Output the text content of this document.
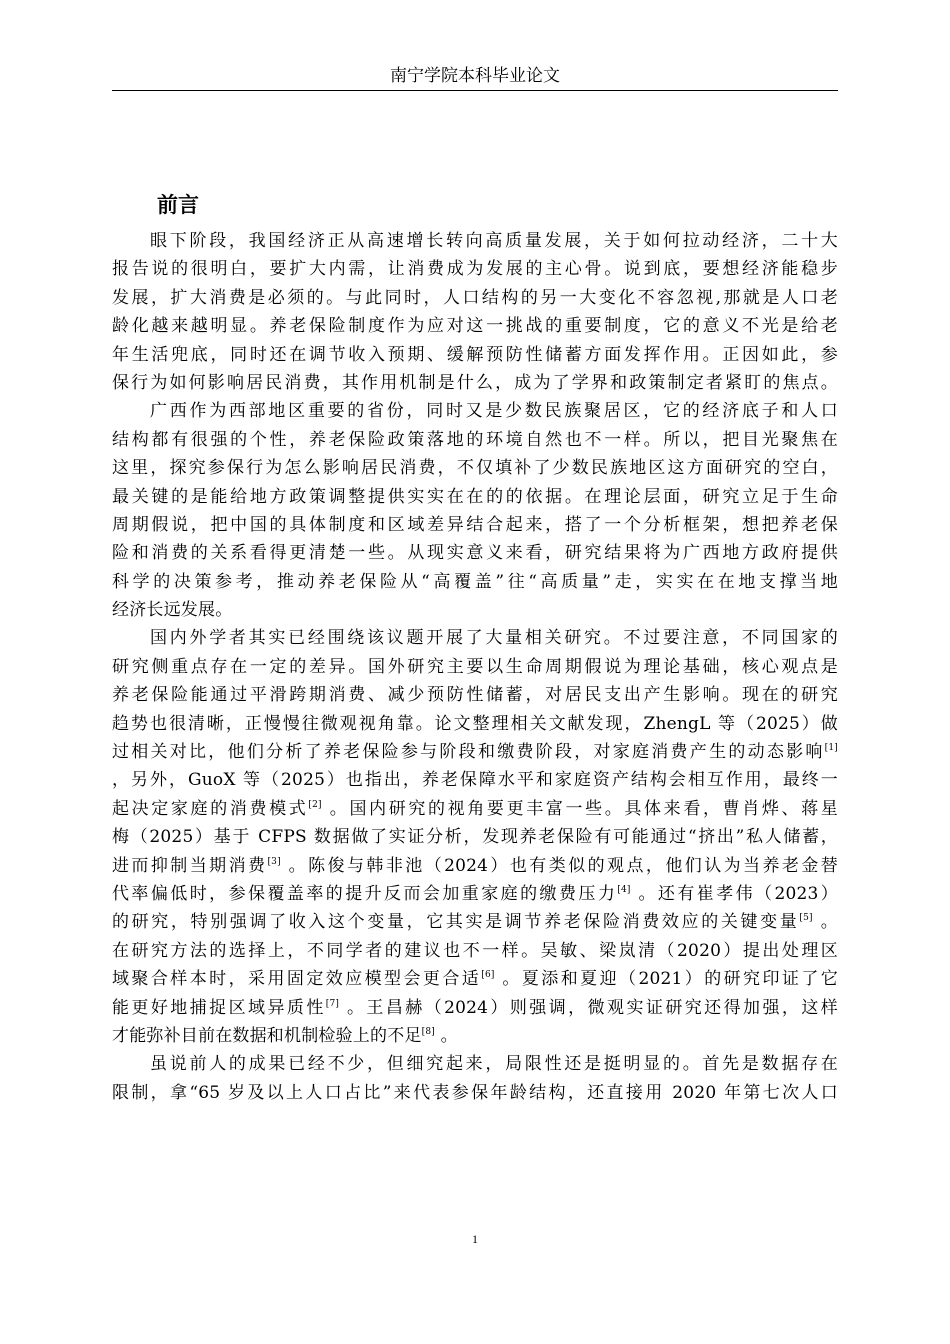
南宁学院本科毕业论文
前言
眼下阶段，我国经济正从高速增长转向高质量发展，关于如何拉动经济，二十大
报告说的很明白，要扩大内需，让消费成为发展的主心骨。说到底，要想经济能稳步
发展，扩大消费是必须的。与此同时，人口结构的另一大变化不容忽视,那就是人口老
龄化越来越明显。养老保险制度作为应对这一挑战的重要制度，它的意义不光是给老
年生活兜底，同时还在调节收入预期、缓解预防性储蓄方面发挥作用。正因如此，参
保行为如何影响居民消费，其作用机制是什么，成为了学界和政策制定者紧盯的焦点。
广西作为西部地区重要的省份，同时又是少数民族聚居区，它的经济底子和人口
结构都有很强的个性，养老保险政策落地的环境自然也不一样。所以，把目光聚焦在
这里，探究参保行为怎么影响居民消费，不仅填补了少数民族地区这方面研究的空白，
最关键的是能给地方政策调整提供实实在在的的依据。在理论层面，研究立足于生命
周期假说，把中国的具体制度和区域差异结合起来，搭了一个分析框架，想把养老保
险和消费的关系看得更清楚一些。从现实意义来看，研究结果将为广西地方政府提供
科学的决策参考，推动养老保险从“高覆盖”往“高质量”走，实实在在地支撑当地
经济长远发展。
国内外学者其实已经围绕该议题开展了大量相关研究。不过要注意，不同国家的
研究侧重点存在一定的差异。国外研究主要以生命周期假说为理论基础，核心观点是
养老保险能通过平滑跨期消费、减少预防性储蓄，对居民支出产生影响。现在的研究
趋势也很清晰，正慢慢往微观视角靠。论文整理相关文献发现，ZhengL 等（2025）做
过相关对比，他们分析了养老保险参与阶段和缴费阶段，对家庭消费产生的动态影响[1]
，另外，GuoX 等（2025）也指出，养老保障水平和家庭资产结构会相互作用，最终一
起决定家庭的消费模式[2] 。国内研究的视角要更丰富一些。具体来看，曹肖烨、蒋星
梅（2025）基于 CFPS 数据做了实证分析，发现养老保险有可能通过“挤出”私人储蓄，
进而抑制当期消费[3] 。陈俊与韩非池（2024）也有类似的观点，他们认为当养老金替
代率偏低时，参保覆盖率的提升反而会加重家庭的缴费压力[4] 。还有崔孝伟（2023）
的研究，特别强调了收入这个变量，它其实是调节养老保险消费效应的关键变量[5] 。
在研究方法的选择上，不同学者的建议也不一样。吴敏、梁岚清（2020）提出处理区
域聚合样本时，采用固定效应模型会更合适[6] 。夏添和夏迎（2021）的研究印证了它
能更好地捕捉区域异质性[7] 。王昌赫（2024）则强调，微观实证研究还得加强，这样
才能弥补目前在数据和机制检验上的不足[8] 。
虽说前人的成果已经不少，但细究起来，局限性还是挺明显的。首先是数据存在
限制，拿“65 岁及以上人口占比”来代表参保年龄结构，还直接用 2020 年第七次人口
1
